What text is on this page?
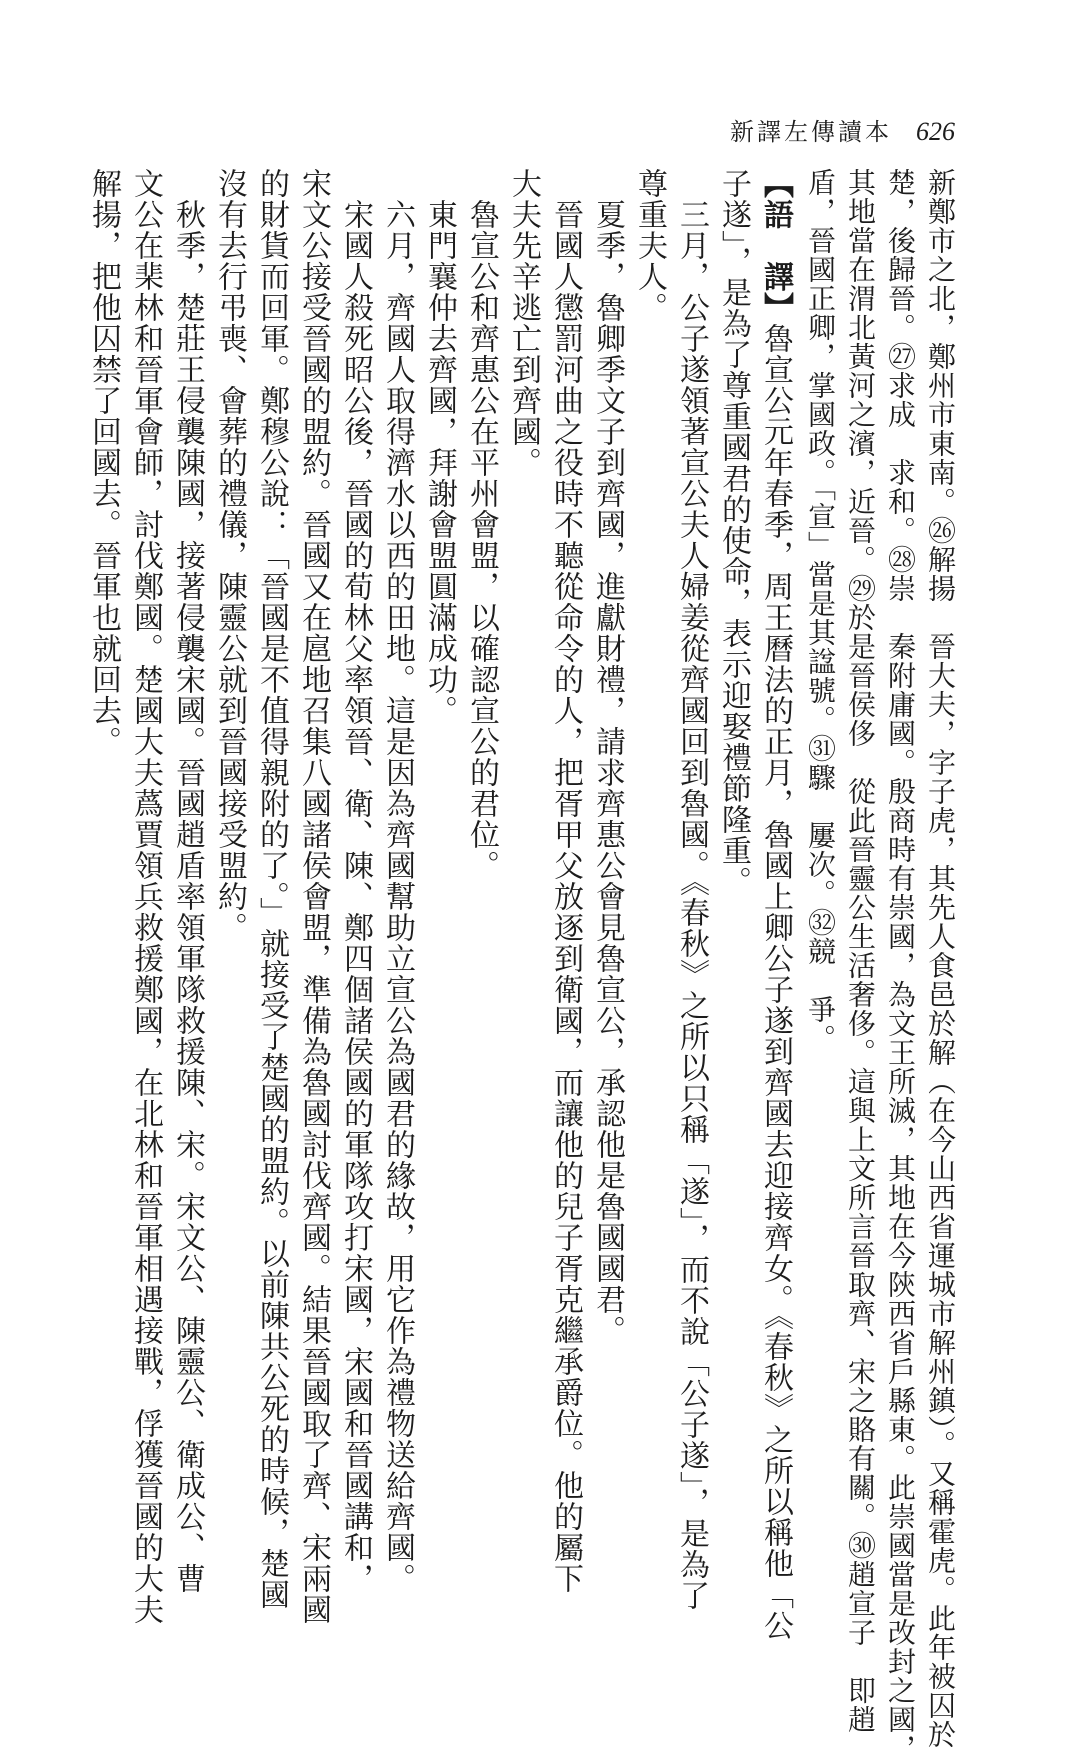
新譯左傳讀本 626
新鄭市之北，鄭州市東南。㉖解揚　晉大夫，字子虎，其先人食邑於解（在今山西省運城市解州鎮）。又稱霍虎。此年被囚於
楚，後歸晉。㉗求成　求和。㉘崇　秦附庸國。殷商時有崇國，為文王所滅，其地在今陝西省戶縣東。此崇國當是改封之國，
其地當在渭北黃河之濱，近晉。㉙於是晉侯侈　從此晉靈公生活奢侈。這與上文所言晉取齊、宋之賂有關。㉚趙宣子　即趙
盾，晉國正卿，掌國政。「宣」當是其諡號。㉛驟　屢次。㉜競　爭。
【語　譯】魯宣公元年春季，周王曆法的正月，魯國上卿公子遂到齊國去迎接齊女。《春秋》之所以稱他「公
子遂」，是為了尊重國君的使命，表示迎娶禮節隆重。
　三月，公子遂領著宣公夫人婦姜從齊國回到魯國。《春秋》之所以只稱「遂」，而不說「公子遂」，是為了
尊重夫人。
　夏季，魯卿季文子到齊國，進獻財禮，請求齊惠公會見魯宣公，承認他是魯國國君。
　晉國人懲罰河曲之役時不聽從命令的人，把胥甲父放逐到衛國，而讓他的兒子胥克繼承爵位。他的屬下
大夫先辛逃亡到齊國。
　魯宣公和齊惠公在平州會盟，以確認宣公的君位。
　東門襄仲去齊國，拜謝會盟圓滿成功。
　六月，齊國人取得濟水以西的田地。這是因為齊國幫助立宣公為國君的緣故，用它作為禮物送給齊國。
　宋國人殺死昭公後，晉國的荀林父率領晉、衛、陳、鄭四個諸侯國的軍隊攻打宋國，宋國和晉國講和，
宋文公接受晉國的盟約。晉國又在扈地召集八國諸侯會盟，準備為魯國討伐齊國。結果晉國取了齊、宋兩國
的財貨而回軍。鄭穆公說：「晉國是不值得親附的了。」就接受了楚國的盟約。以前陳共公死的時候，楚國
沒有去行弔喪、會葬的禮儀，陳靈公就到晉國接受盟約。
　秋季，楚莊王侵襲陳國，接著侵襲宋國。晉國趙盾率領軍隊救援陳、宋。宋文公、陳靈公、衛成公、曹
文公在棐林和晉軍會師，討伐鄭國。楚國大夫蔿賈領兵救援鄭國，在北林和晉軍相遇接戰，俘獲晉國的大夫
解揚，把他囚禁了回國去。晉軍也就回去。
